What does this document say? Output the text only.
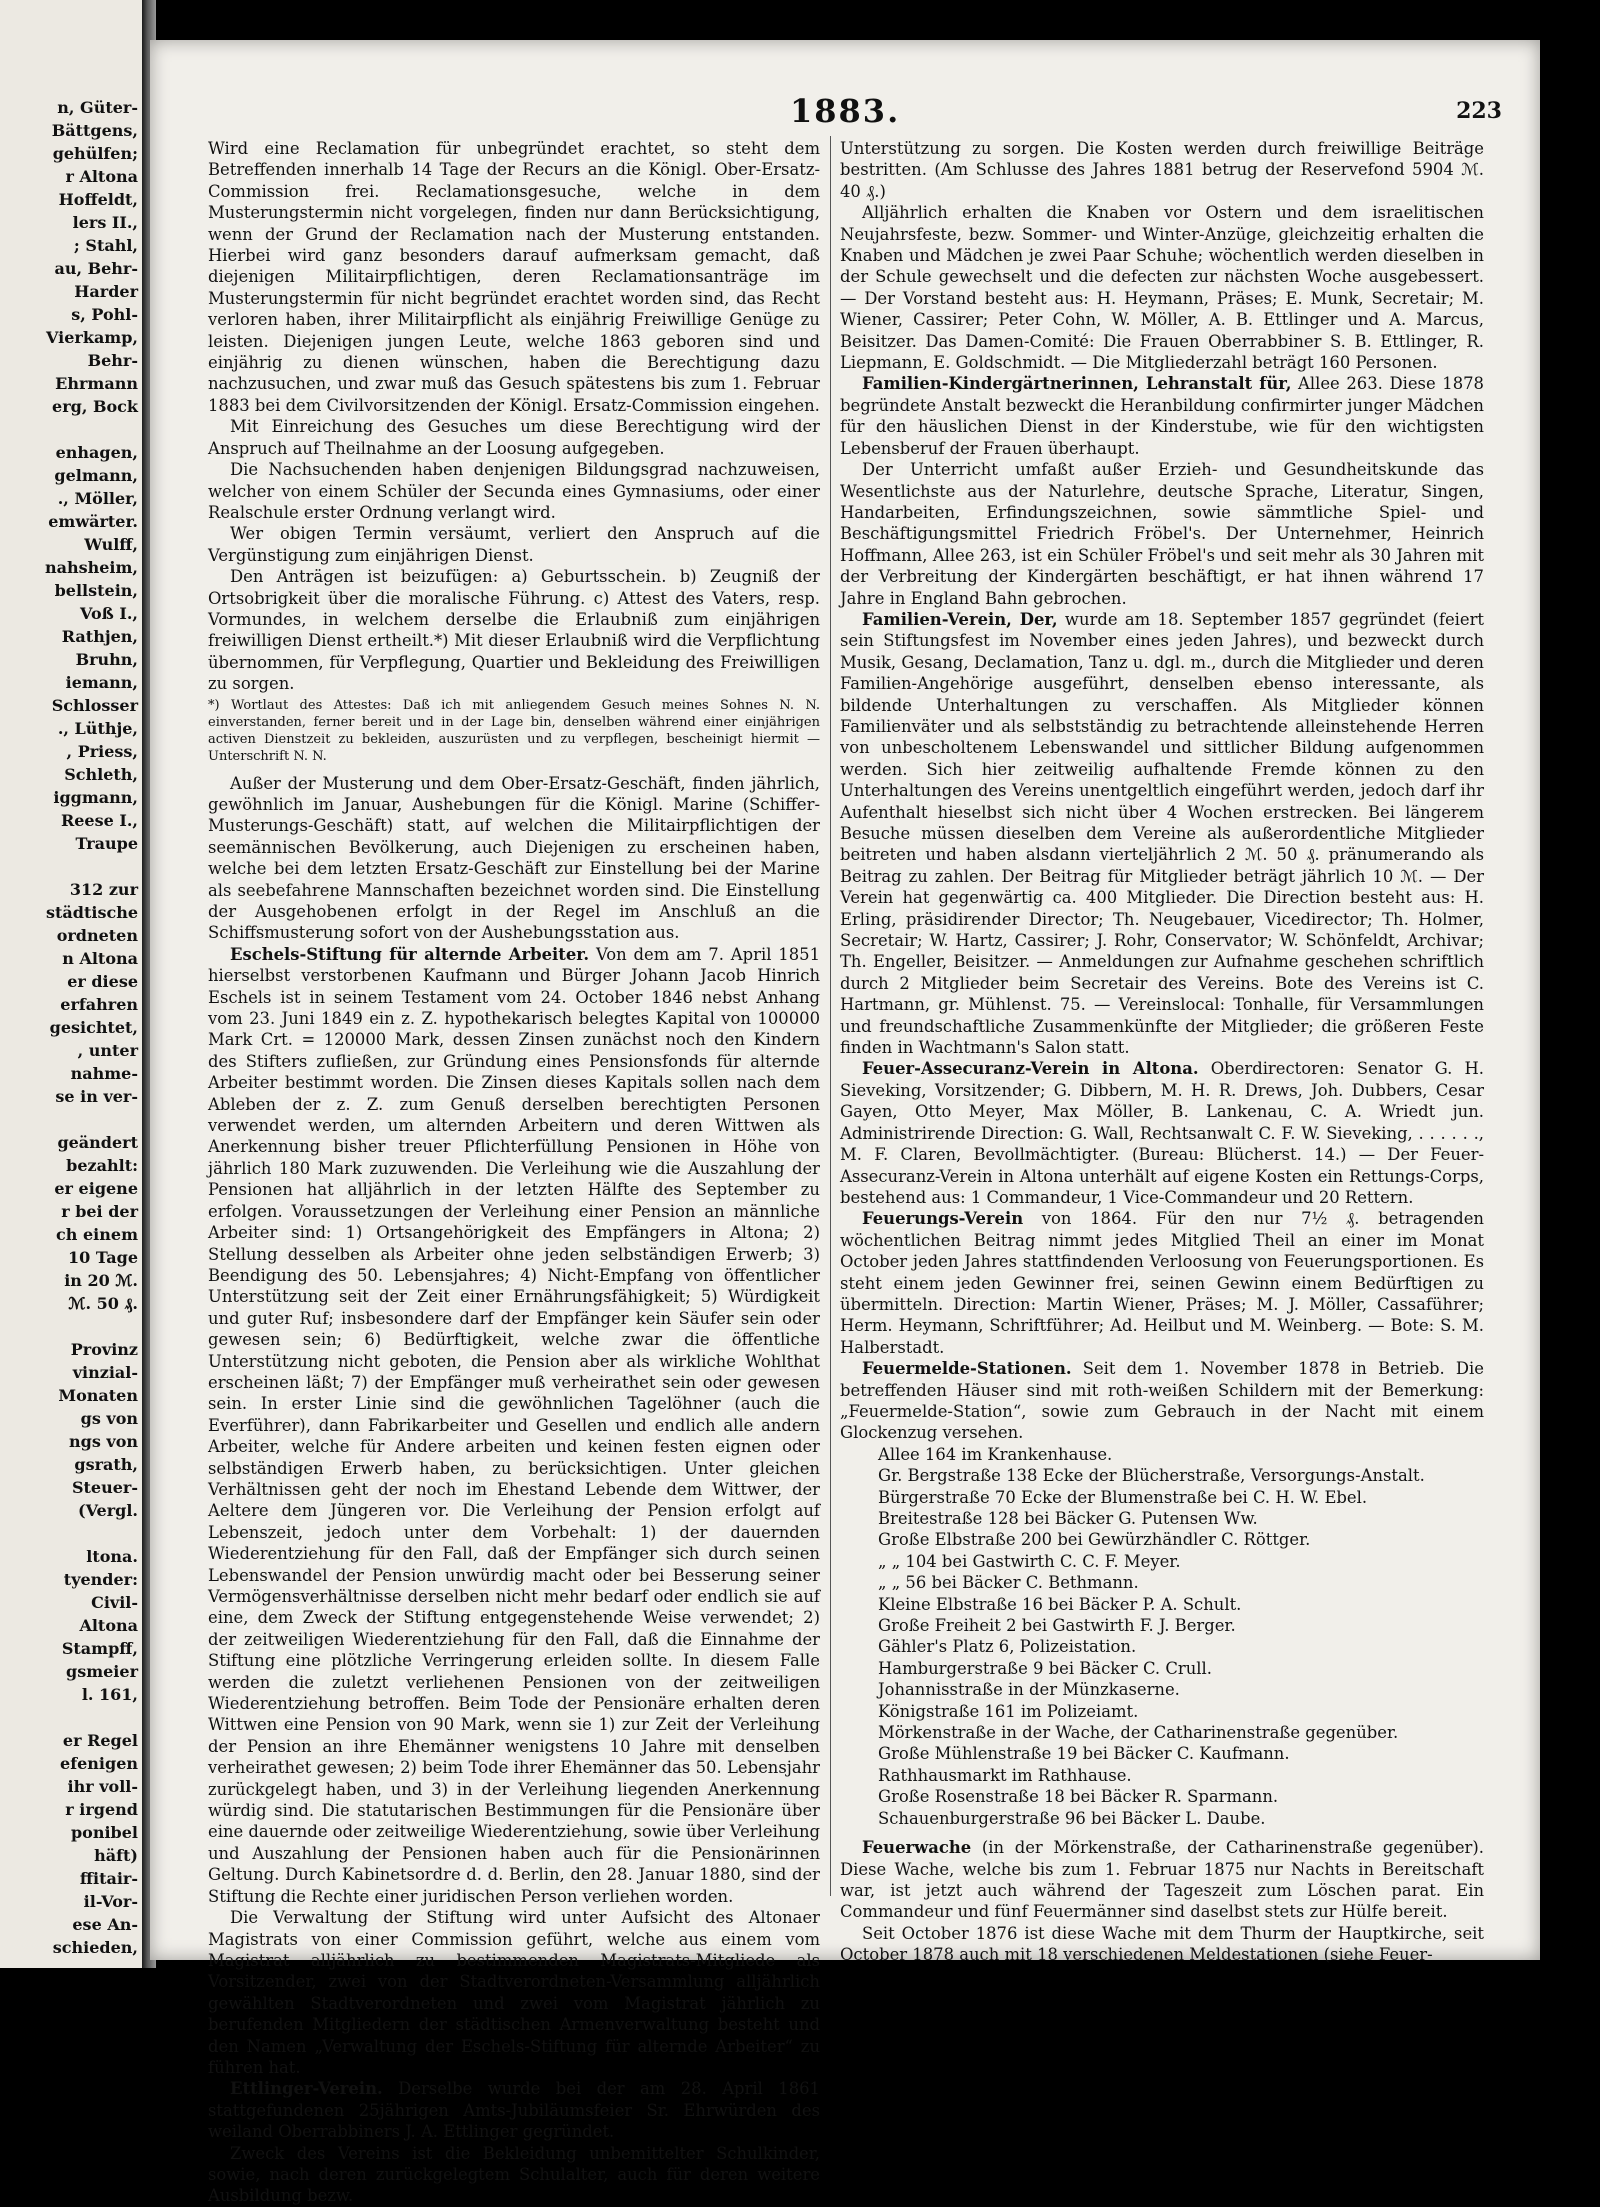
n, Güter-
Bättgens,
gehülfen;
r Altona
Hoffeldt,
lers II.,
; Stahl,
au, Behr-
Harder
s, Pohl-
Vierkamp,
Behr-
Ehrmann
erg, Bock
enhagen,
gelmann,
., Möller,
emwärter.
Wulff,
nahsheim,
bellstein,
Voß I.,
Rathjen,
Bruhn,
iemann,
Schlosser
., Lüthje,
, Priess,
Schleth,
iggmann,
Reese I.,
Traupe
312 zur
städtische
ordneten
n Altona
er diese
erfahren
gesichtet,
, unter
nahme-
se in ver-
geändert
bezahlt:
er eigene
r bei der
ch einem
10 Tage
in 20 ℳ.
ℳ. 50 ₰.
Provinz
vinzial-
Monaten
gs von
ngs von
gsrath,
Steuer-
(Vergl.
ltona.
tyender:
Civil-
Altona
Stampff,
gsmeier
l. 161,
er Regel
efenigen
ihr voll-
r irgend
ponibel
häft)
ffitair-
il-Vor-
ese An-
schieden,
1883.	223

Wird eine Reclamation für unbegründet erachtet, so steht dem Betreffenden innerhalb 14 Tage der Recurs an die Königl. Ober-Ersatz-Commission frei. Reclamationsgesuche, welche in dem Musterungstermin nicht vorgelegen, finden nur dann Berücksichtigung, wenn der Grund der Reclamation nach der Musterung entstanden. Hierbei wird ganz besonders darauf aufmerksam gemacht, daß diejenigen Militairpflichtigen, deren Reclamationsanträge im Musterungstermin für nicht begründet erachtet worden sind, das Recht verloren haben, ihrer Militairpflicht als einjährig Freiwillige Genüge zu leisten. Diejenigen jungen Leute, welche 1863 geboren sind und einjährig zu dienen wünschen, haben die Berechtigung dazu nachzusuchen, und zwar muß das Gesuch spätestens bis zum 1. Februar 1883 bei dem Civilvorsitzenden der Königl. Ersatz-Commission eingehen.

Mit Einreichung des Gesuches um diese Berechtigung wird der Anspruch auf Theilnahme an der Loosung aufgegeben.

Die Nachsuchenden haben denjenigen Bildungsgrad nachzuweisen, welcher von einem Schüler der Secunda eines Gymnasiums, oder einer Realschule erster Ordnung verlangt wird.

Wer obigen Termin versäumt, verliert den Anspruch auf die Vergünstigung zum einjährigen Dienst.

Den Anträgen ist beizufügen: a) Geburtsschein. b) Zeugniß der Ortsobrigkeit über die moralische Führung. c) Attest des Vaters, resp. Vormundes, in welchem derselbe die Erlaubniß zum einjährigen freiwilligen Dienst ertheilt.*) Mit dieser Erlaubniß wird die Verpflichtung übernommen, für Verpflegung, Quartier und Bekleidung des Freiwilligen zu sorgen.

*) Wortlaut des Attestes: Daß ich mit anliegendem Gesuch meines Sohnes N. N. einverstanden, ferner bereit und in der Lage bin, denselben während einer einjährigen activen Dienstzeit zu bekleiden, auszurüsten und zu verpflegen, bescheinigt hiermit — Unterschrift N. N.

Außer der Musterung und dem Ober-Ersatz-Geschäft, finden jährlich, gewöhnlich im Januar, Aushebungen für die Königl. Marine (Schiffer-Musterungs-Geschäft) statt, auf welchen die Militairpflichtigen der seemännischen Bevölkerung, auch Diejenigen zu erscheinen haben, welche bei dem letzten Ersatz-Geschäft zur Einstellung bei der Marine als seebefahrene Mannschaften bezeichnet worden sind. Die Einstellung der Ausgehobenen erfolgt in der Regel im Anschluß an die Schiffsmusterung sofort von der Aushebungsstation aus.

Eschels-Stiftung für alternde Arbeiter. Von dem am 7. April 1851 hierselbst verstorbenen Kaufmann und Bürger Johann Jacob Hinrich Eschels ist in seinem Testament vom 24. October 1846 nebst Anhang vom 23. Juni 1849 ein z. Z. hypothekarisch belegtes Kapital von 100000 Mark Crt. = 120000 Mark, dessen Zinsen zunächst noch den Kindern des Stifters zufließen, zur Gründung eines Pensionsfonds für alternde Arbeiter bestimmt worden. Die Zinsen dieses Kapitals sollen nach dem Ableben der z. Z. zum Genuß derselben berechtigten Personen verwendet werden, um alternden Arbeitern und deren Wittwen als Anerkennung bisher treuer Pflichterfüllung Pensionen in Höhe von jährlich 180 Mark zuzuwenden. Die Verleihung wie die Auszahlung der Pensionen hat alljährlich in der letzten Hälfte des September zu erfolgen. Voraussetzungen der Verleihung einer Pension an männliche Arbeiter sind: 1) Ortsangehörigkeit des Empfängers in Altona; 2) Stellung desselben als Arbeiter ohne jeden selbständigen Erwerb; 3) Beendigung des 50. Lebensjahres; 4) Nicht-Empfang von öffentlicher Unterstützung seit der Zeit einer Ernährungsfähigkeit; 5) Würdigkeit und guter Ruf; insbesondere darf der Empfänger kein Säufer sein oder gewesen sein; 6) Bedürftigkeit, welche zwar die öffentliche Unterstützung nicht geboten, die Pension aber als wirkliche Wohlthat erscheinen läßt; 7) der Empfänger muß verheirathet sein oder gewesen sein. In erster Linie sind die gewöhnlichen Tagelöhner (auch die Everführer), dann Fabrikarbeiter und Gesellen und endlich alle andern Arbeiter, welche für Andere arbeiten und keinen festen eignen oder selbständigen Erwerb haben, zu berücksichtigen. Unter gleichen Verhältnissen geht der noch im Ehestand Lebende dem Wittwer, der Aeltere dem Jüngeren vor. Die Verleihung der Pension erfolgt auf Lebenszeit, jedoch unter dem Vorbehalt: 1) der dauernden Wiederentziehung für den Fall, daß der Empfänger sich durch seinen Lebenswandel der Pension unwürdig macht oder bei Besserung seiner Vermögensverhältnisse derselben nicht mehr bedarf oder endlich sie auf eine, dem Zweck der Stiftung entgegenstehende Weise verwendet; 2) der zeitweiligen Wiederentziehung für den Fall, daß die Einnahme der Stiftung eine plötzliche Verringerung erleiden sollte. In diesem Falle werden die zuletzt verliehenen Pensionen von der zeitweiligen Wiederentziehung betroffen. Beim Tode der Pensionäre erhalten deren Wittwen eine Pension von 90 Mark, wenn sie 1) zur Zeit der Verleihung der Pension an ihre Ehemänner wenigstens 10 Jahre mit denselben verheirathet gewesen; 2) beim Tode ihrer Ehemänner das 50. Lebensjahr zurückgelegt haben, und 3) in der Verleihung liegenden Anerkennung würdig sind. Die statutarischen Bestimmungen für die Pensionäre über eine dauernde oder zeitweilige Wiederentziehung, sowie über Verleihung und Auszahlung der Pensionen haben auch für die Pensionärinnen Geltung. Durch Kabinetsordre d. d. Berlin, den 28. Januar 1880, sind der Stiftung die Rechte einer juridischen Person verliehen worden.

Die Verwaltung der Stiftung wird unter Aufsicht des Altonaer Magistrats von einer Commission geführt, welche aus einem vom Magistrat alljährlich zu bestimmenden Magistrats-Mitgliede als Vorsitzender, zwei von der Stadtverordneten-Versammlung alljährlich gewählten Stadtverordneten und zwei vom Magistrat jährlich zu berufenden Mitgliedern der städtischen Armenverwaltung besteht und den Namen „Verwaltung der Eschels-Stiftung für alternde Arbeiter“ zu führen hat.

Ettlinger-Verein. Derselbe wurde bei der am 28. April 1861 stattgefundenen 25jährigen Amts-Jubiläumsfeier Sr. Ehrwürden des weiland Oberrabbiners J. A. Ettlinger gegründet.

Zweck des Vereins ist die Bekleidung unbemittelter Schulkinder, sowie, nach deren zurückgelegtem Schulalter, auch für deren weitere Ausbildung bezw.

Unterstützung zu sorgen. Die Kosten werden durch freiwillige Beiträge bestritten. (Am Schlusse des Jahres 1881 betrug der Reservefond 5904 ℳ. 40 ₰.)

Alljährlich erhalten die Knaben vor Ostern und dem israelitischen Neujahrsfeste, bezw. Sommer- und Winter-Anzüge, gleichzeitig erhalten die Knaben und Mädchen je zwei Paar Schuhe; wöchentlich werden dieselben in der Schule gewechselt und die defecten zur nächsten Woche ausgebessert. — Der Vorstand besteht aus: H. Heymann, Präses; E. Munk, Secretair; M. Wiener, Cassirer; Peter Cohn, W. Möller, A. B. Ettlinger und A. Marcus, Beisitzer. Das Damen-Comité: Die Frauen Oberrabbiner S. B. Ettlinger, R. Liepmann, E. Goldschmidt. — Die Mitgliederzahl beträgt 160 Personen.

Familien-Kindergärtnerinnen, Lehranstalt für, Allee 263. Diese 1878 begründete Anstalt bezweckt die Heranbildung confirmirter junger Mädchen für den häuslichen Dienst in der Kinderstube, wie für den wichtigsten Lebensberuf der Frauen überhaupt.

Der Unterricht umfaßt außer Erzieh- und Gesundheitskunde das Wesentlichste aus der Naturlehre, deutsche Sprache, Literatur, Singen, Handarbeiten, Erfindungszeichnen, sowie sämmtliche Spiel- und Beschäftigungsmittel Friedrich Fröbel's. Der Unternehmer, Heinrich Hoffmann, Allee 263, ist ein Schüler Fröbel's und seit mehr als 30 Jahren mit der Verbreitung der Kindergärten beschäftigt, er hat ihnen während 17 Jahre in England Bahn gebrochen.

Familien-Verein, Der, wurde am 18. September 1857 gegründet (feiert sein Stiftungsfest im November eines jeden Jahres), und bezweckt durch Musik, Gesang, Declamation, Tanz u. dgl. m., durch die Mitglieder und deren Familien-Angehörige ausgeführt, denselben ebenso interessante, als bildende Unterhaltungen zu verschaffen. Als Mitglieder können Familienväter und als selbstständig zu betrachtende alleinstehende Herren von unbescholtenem Lebenswandel und sittlicher Bildung aufgenommen werden. Sich hier zeitweilig aufhaltende Fremde können zu den Unterhaltungen des Vereins unentgeltlich eingeführt werden, jedoch darf ihr Aufenthalt hieselbst sich nicht über 4 Wochen erstrecken. Bei längerem Besuche müssen dieselben dem Vereine als außerordentliche Mitglieder beitreten und haben alsdann vierteljährlich 2 ℳ. 50 ₰. pränumerando als Beitrag zu zahlen. Der Beitrag für Mitglieder beträgt jährlich 10 ℳ. — Der Verein hat gegenwärtig ca. 400 Mitglieder. Die Direction besteht aus: H. Erling, präsidirender Director; Th. Neugebauer, Vicedirector; Th. Holmer, Secretair; W. Hartz, Cassirer; J. Rohr, Conservator; W. Schönfeldt, Archivar; Th. Engeller, Beisitzer. — Anmeldungen zur Aufnahme geschehen schriftlich durch 2 Mitglieder beim Secretair des Vereins. Bote des Vereins ist C. Hartmann, gr. Mühlenst. 75. — Vereinslocal: Tonhalle, für Versammlungen und freundschaftliche Zusammenkünfte der Mitglieder; die größeren Feste finden in Wachtmann's Salon statt.

Feuer-Assecuranz-Verein in Altona. Oberdirectoren: Senator G. H. Sieveking, Vorsitzender; G. Dibbern, M. H. R. Drews, Joh. Dubbers, Cesar Gayen, Otto Meyer, Max Möller, B. Lankenau, C. A. Wriedt jun. Administrirende Direction: G. Wall, Rechtsanwalt C. F. W. Sieveking, . . . . . ., M. F. Claren, Bevollmächtigter. (Bureau: Blücherst. 14.) — Der Feuer-Assecuranz-Verein in Altona unterhält auf eigene Kosten ein Rettungs-Corps, bestehend aus: 1 Commandeur, 1 Vice-Commandeur und 20 Rettern.

Feuerungs-Verein von 1864. Für den nur 7½ ₰. betragenden wöchentlichen Beitrag nimmt jedes Mitglied Theil an einer im Monat October jeden Jahres stattfindenden Verloosung von Feuerungsportionen. Es steht einem jeden Gewinner frei, seinen Gewinn einem Bedürftigen zu übermitteln. Direction: Martin Wiener, Präses; M. J. Möller, Cassaführer; Herm. Heymann, Schriftführer; Ad. Heilbut und M. Weinberg. — Bote: S. M. Halberstadt.

Feuermelde-Stationen. Seit dem 1. November 1878 in Betrieb. Die betreffenden Häuser sind mit roth-weißen Schildern mit der Bemerkung: „Feuermelde-Station“, sowie zum Gebrauch in der Nacht mit einem Glockenzug versehen.

Allee 164 im Krankenhause.
Gr. Bergstraße 138 Ecke der Blücherstraße, Versorgungs-Anstalt.
Bürgerstraße 70 Ecke der Blumenstraße bei C. H. W. Ebel.
Breitestraße 128 bei Bäcker G. Putensen Ww.
Große Elbstraße 200 bei Gewürzhändler C. Röttger.
„ „ 104 bei Gastwirth C. C. F. Meyer.
„ „ 56 bei Bäcker C. Bethmann.
Kleine Elbstraße 16 bei Bäcker P. A. Schult.
Große Freiheit 2 bei Gastwirth F. J. Berger.
Gähler's Platz 6, Polizeistation.
Hamburgerstraße 9 bei Bäcker C. Crull.
Johannisstraße in der Münzkaserne.
Königstraße 161 im Polizeiamt.
Mörkenstraße in der Wache, der Catharinenstraße gegenüber.
Große Mühlenstraße 19 bei Bäcker C. Kaufmann.
Rathhausmarkt im Rathhause.
Große Rosenstraße 18 bei Bäcker R. Sparmann.
Schauenburgerstraße 96 bei Bäcker L. Daube.

Feuerwache (in der Mörkenstraße, der Catharinenstraße gegenüber). Diese Wache, welche bis zum 1. Februar 1875 nur Nachts in Bereitschaft war, ist jetzt auch während der Tageszeit zum Löschen parat. Ein Commandeur und fünf Feuermänner sind daselbst stets zur Hülfe bereit.

Seit October 1876 ist diese Wache mit dem Thurm der Hauptkirche, seit October 1878 auch mit 18 verschiedenen Meldestationen (siehe Feuer-
